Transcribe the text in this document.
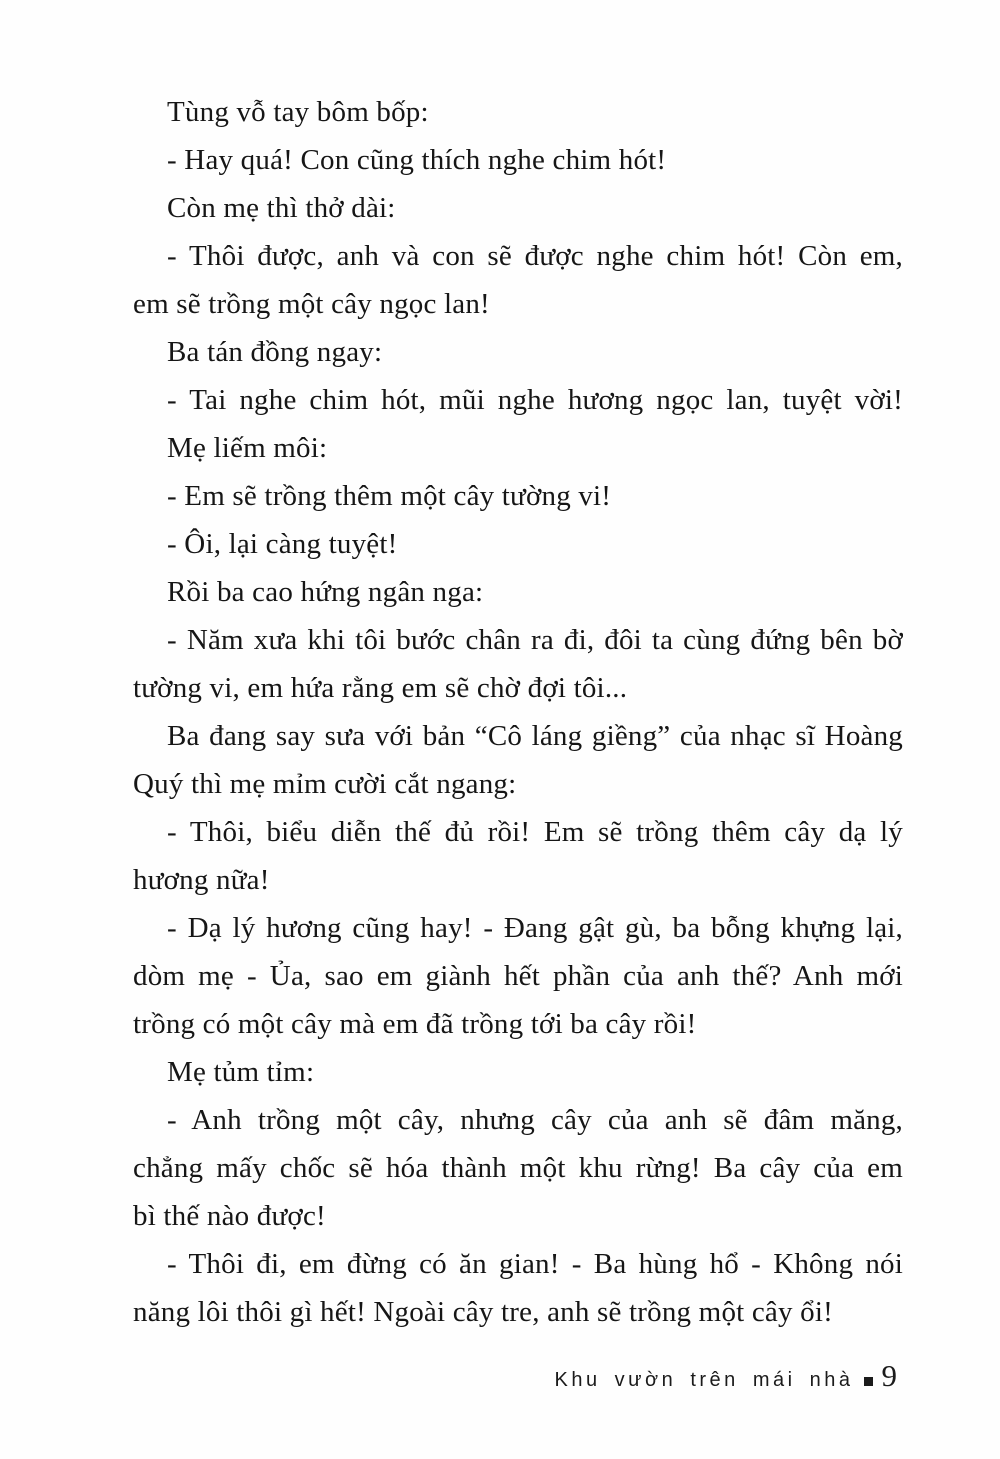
Tùng vỗ tay bôm bốp:
- Hay quá! Con cũng thích nghe chim hót!
Còn mẹ thì thở dài:
- Thôi được, anh và con sẽ được nghe chim hót! Còn em,
em sẽ trồng một cây ngọc lan!
Ba tán đồng ngay:
- Tai nghe chim hót, mũi nghe hương ngọc lan, tuyệt vời!
Mẹ liếm môi:
- Em sẽ trồng thêm một cây tường vi!
- Ôi, lại càng tuyệt!
Rồi ba cao hứng ngân nga:
- Năm xưa khi tôi bước chân ra đi, đôi ta cùng đứng bên bờ
tường vi, em hứa rằng em sẽ chờ đợi tôi...
Ba đang say sưa với bản “Cô láng giềng” của nhạc sĩ Hoàng
Quý thì mẹ mỉm cười cắt ngang:
- Thôi, biểu diễn thế đủ rồi! Em sẽ trồng thêm cây dạ lý
hương nữa!
- Dạ lý hương cũng hay! - Đang gật gù, ba bỗng khựng lại,
dòm mẹ - Ủa, sao em giành hết phần của anh thế? Anh mới
trồng có một cây mà em đã trồng tới ba cây rồi!
Mẹ tủm tỉm:
- Anh trồng một cây, nhưng cây của anh sẽ đâm măng,
chẳng mấy chốc sẽ hóa thành một khu rừng! Ba cây của em
bì thế nào được!
- Thôi đi, em đừng có ăn gian! - Ba hùng hổ - Không nói
năng lôi thôi gì hết! Ngoài cây tre, anh sẽ trồng một cây ổi!
Khu vườn trên mái nhà 9
